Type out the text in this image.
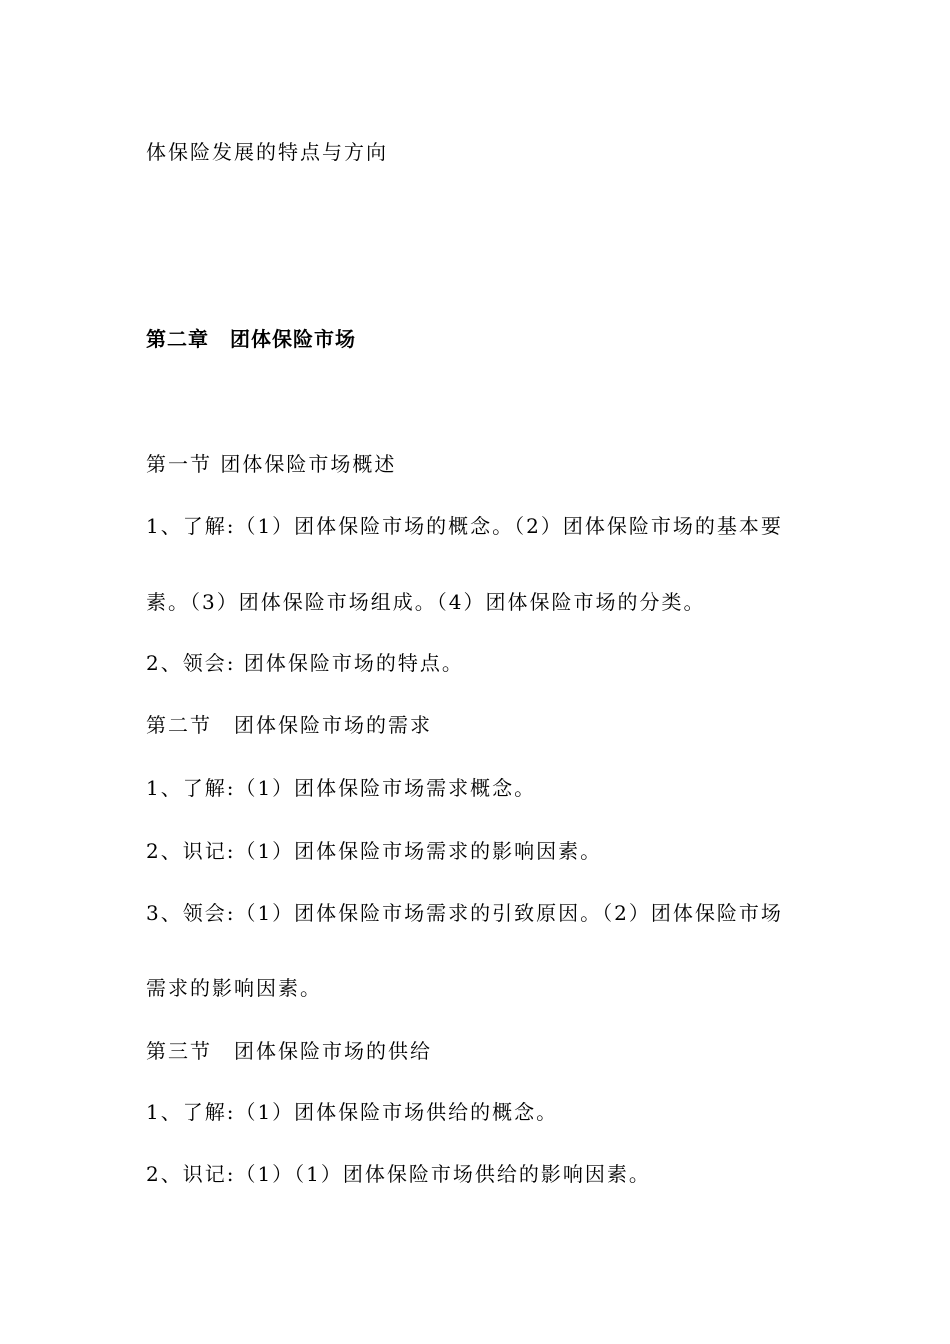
体保险发展的特点与方向
第二章　团体保险市场
第一节 团体保险市场概述
1、了解:（1）团体保险市场的概念。（2）团体保险市场的基本要
素。（3）团体保险市场组成。（4）团体保险市场的分类。
2、领会: 团体保险市场的特点。
第二节　团体保险市场的需求
1、了解:（1）团体保险市场需求概念。
2、识记:（1）团体保险市场需求的影响因素。
3、领会:（1）团体保险市场需求的引致原因。（2）团体保险市场
需求的影响因素。
第三节　团体保险市场的供给
1、了解:（1）团体保险市场供给的概念。
2、识记:（1）（1）团体保险市场供给的影响因素。
